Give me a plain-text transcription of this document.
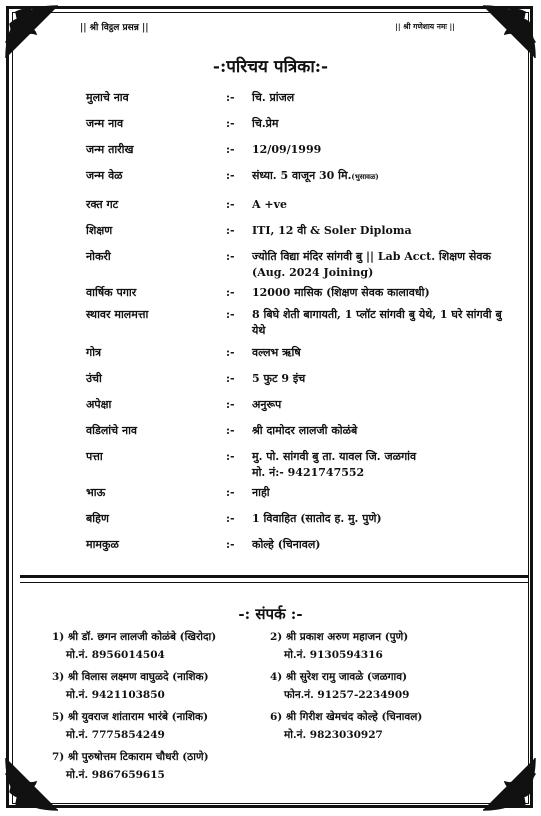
|| श्री विट्ठल प्रसन्न ||	|| श्री गणेशाय नमः ||
-:परिचय पत्रिका:-
मुलाचे नाव	:-	चि. प्रांजल
जन्म नाव	:-	चि.प्रेम
जन्म तारीख	:-	12/09/1999
जन्म वेळ	:-	संध्या. 5 वाजून 30 मि.(भुसावळ)
रक्त गट	:-	A +ve
शिक्षण	:-	ITI, 12 वी & Soler Diploma
नोकरी	:-	ज्योति विद्या मंदिर सांगवी बु || Lab Acct. शिक्षण सेवक (Aug. 2024 Joining)
वार्षिक पगार	:-	12000 मासिक (शिक्षण सेवक कालावधी)
स्थावर मालमत्ता	:-	8 बिघे शेती बागायती, 1 प्लॉट सांगवी बु येथे, 1 घरे सांगवी बु येथे
गोत्र	:-	वल्लभ ऋषि
उंची	:-	5 फुट 9 इंच
अपेक्षा	:-	अनुरूप
वडिलांचे नाव	:-	श्री दामोदर लालजी कोळंबे
पत्ता	:-	मु. पो. सांगवी बु ता. यावल जि. जळगांव
मो. नं:- 9421747552
भाऊ	:-	नाही
बहिण	:-	1 विवाहित (सातोद ह. मु. पुणे)
मामकुळ	:-	कोल्हे (चिनावल)
-: संपर्क :-
1) श्री डॉ. छगन लालजी कोळंबे (खिरोदा)
मो.नं. 8956014504
2) श्री प्रकाश अरुण महाजन (पुणे)
मो.नं. 9130594316
3) श्री विलास लक्ष्मण वाघुळदे (नाशिक)
मो.नं. 9421103850
4) श्री सुरेश रामु जावळे (जळगाव)
फोन.नं. 91257-2234909
5) श्री युवराज शांताराम भारंबे (नाशिक)
मो.नं. 7775854249
6) श्री गिरीश खेमचंद कोल्हे (चिनावल)
मो.नं. 9823030927
7) श्री पुरुषोत्तम टिकाराम चौधरी (ठाणे)
मो.नं. 9867659615
